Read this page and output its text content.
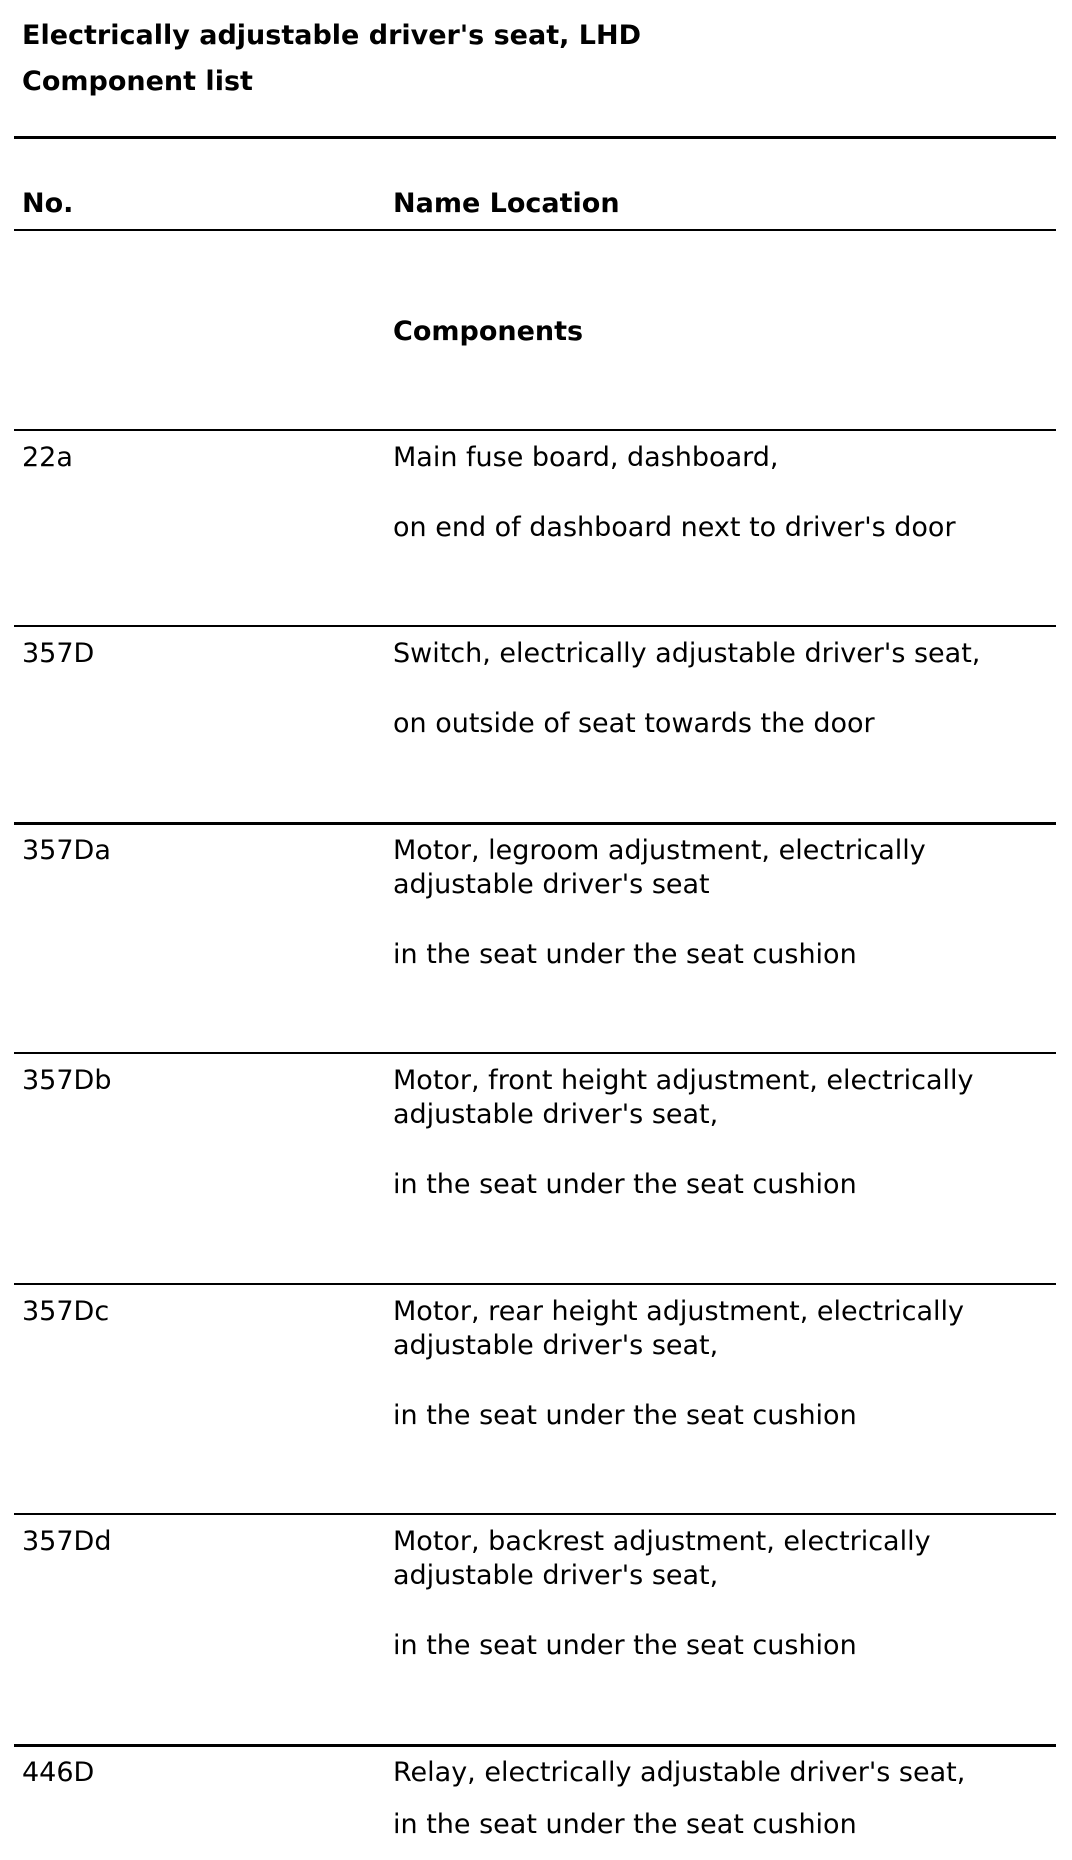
Electrically adjustable driver's seat, LHD
Component list
No.	Name Location
Components
22a	Main fuse board, dashboard,
on end of dashboard next to driver's door
357D	Switch, electrically adjustable driver's seat,
on outside of seat towards the door
357Da	Motor, legroom adjustment, electrically adjustable driver's seat
in the seat under the seat cushion
357Db	Motor, front height adjustment, electrically adjustable driver's seat,
in the seat under the seat cushion
357Dc	Motor, rear height adjustment, electrically adjustable driver's seat,
in the seat under the seat cushion
357Dd	Motor, backrest adjustment, electrically adjustable driver's seat,
in the seat under the seat cushion
446D	Relay, electrically adjustable driver's seat,
in the seat under the seat cushion
